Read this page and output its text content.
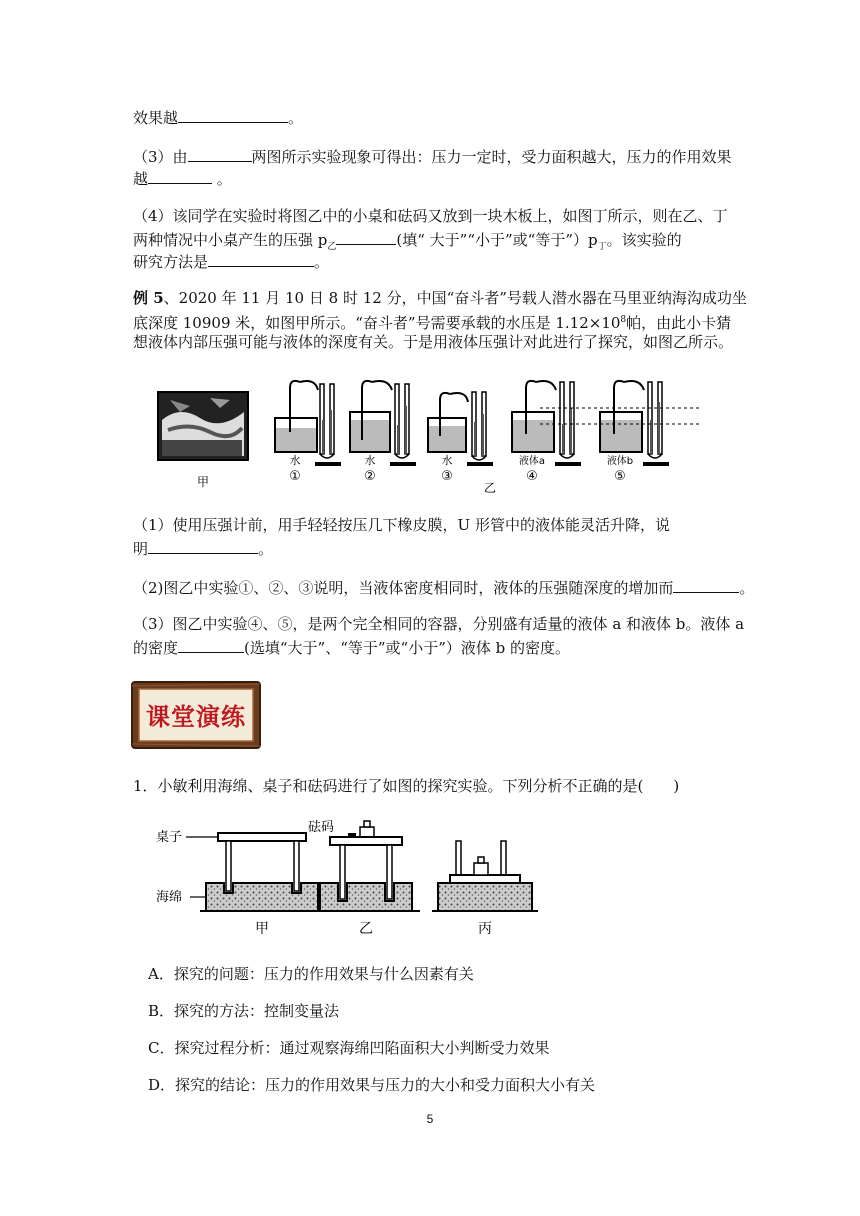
效果越	。
（3）由	两图所示实验现象可得出：压力一定时，受力面积越大，压力的作用效果
越	。
（4）该同学在实验时将图乙中的小桌和砝码又放到一块木板上，如图丁所示，则在乙、丁
两种情况中小桌产生的压强 $p_乙$	(填“ 大于”“小于”或“等于$”)p_丁$。该实验的
研究方法是	。
例 5、2020 年 11 月 10 日 8 时 12 分，中国“奋斗者”号载人潜水器在马里亚纳海沟成功坐
底深度 10909 米，如图甲所示。“奋斗者”号需要承载的水压是 $1.12\times 10^8$帕，由此小卡猜
想液体内部压强可能与液体的深度有关。于是用液体压强计对此进行了探究，如图乙所示。
甲
水
①
水
②
水
③
液体a
④
液体b
⑤
乙
（1）使用压强计前，用手轻轻按压几下橡皮膜，U 形管中的液体能灵活升降，说
明	。
（2)图乙中实验①、②、③说明，当液体密度相同时，液体的压强随深度的增加而	。
（3）图乙中实验④、⑤，是两个完全相同的容器，分别盛有适量的液体 a 和液体 b。液体 a
的密度	(选填“大于”、“等于”或“小于”）液体 b 的密度。
课堂演练
1．小敏利用海绵、桌子和砝码进行了如图的探究实验。下列分析不正确的是(　　)
桌子
砝码
海绵
甲	乙	丙
A．探究的问题：压力的作用效果与什么因素有关
B．探究的方法：控制变量法
C．探究过程分析：通过观察海绵凹陷面积大小判断受力效果
D．探究的结论：压力的作用效果与压力的大小和受力面积大小有关
5
